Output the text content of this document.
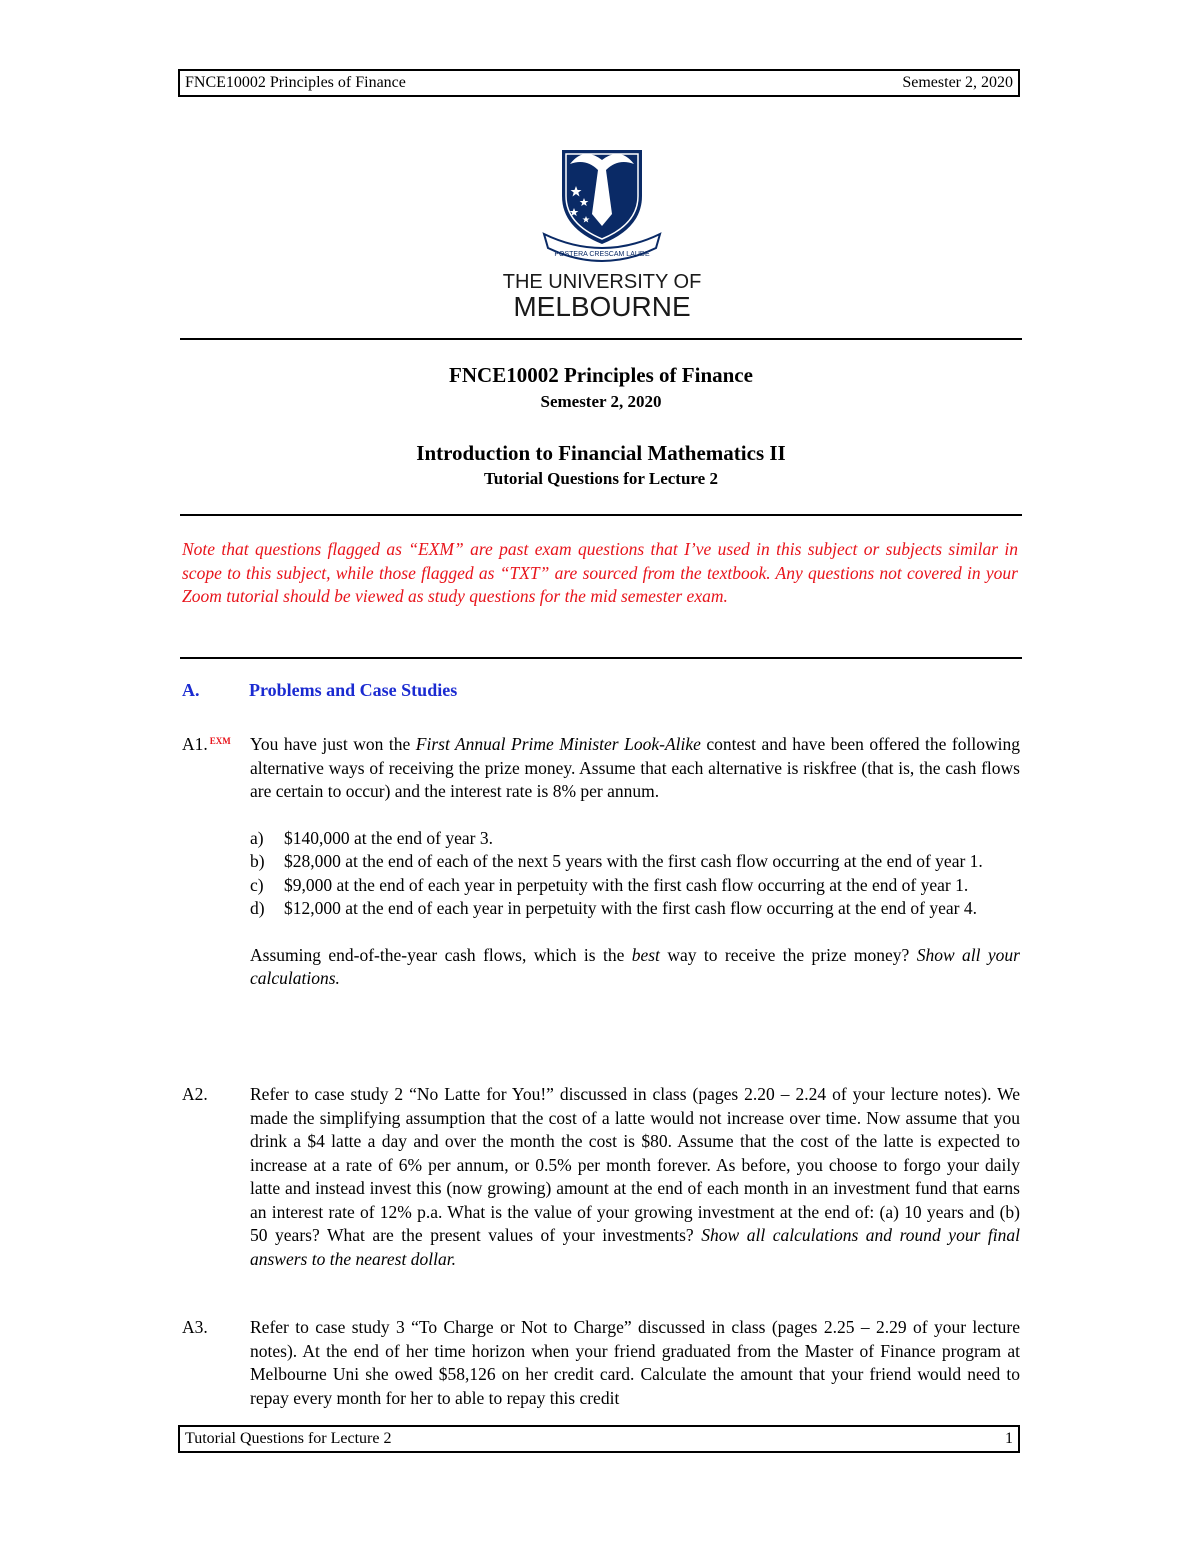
FNCE10002 Principles of Finance	Semester 2, 2020
POSTERA CRESCAM LAUDE
THE UNIVERSITY OF
MELBOURNE
FNCE10002 Principles of Finance
Semester 2, 2020
Introduction to Financial Mathematics II
Tutorial Questions for Lecture 2
Note that questions flagged as “EXM” are past exam questions that I’ve used in this subject or subjects similar in scope to this subject, while those flagged as “TXT” are sourced from the textbook. Any questions not covered in your Zoom tutorial should be viewed as study questions for the mid semester exam.
A.	Problems and Case Studies
A1. $^{EXM}$ You have just won the First Annual Prime Minister Look-Alike contest and have been offered the following alternative ways of receiving the prize money. Assume that each alternative is riskfree (that is, the cash flows are certain to occur) and the interest rate is 8% per annum.

a) $140,000 at the end of year 3.
b) $28,000 at the end of each of the next 5 years with the first cash flow occurring at the end of year 1.
c) $9,000 at the end of each year in perpetuity with the first cash flow occurring at the end of year 1.
d) $12,000 at the end of each year in perpetuity with the first cash flow occurring at the end of year 4.

Assuming end-of-the-year cash flows, which is the best way to receive the prize money? Show all your calculations.

A2. Refer to case study 2 “No Latte for You!” discussed in class (pages 2.20 – 2.24 of your lecture notes). We made the simplifying assumption that the cost of a latte would not increase over time. Now assume that you drink a $4 latte a day and over the month the cost is $80. Assume that the cost of the latte is expected to increase at a rate of 6% per annum, or 0.5% per month forever. As before, you choose to forgo your daily latte and instead invest this (now growing) amount at the end of each month in an investment fund that earns an interest rate of 12% p.a. What is the value of your growing investment at the end of: (a) 10 years and (b) 50 years? What are the present values of your investments? Show all calculations and round your final answers to the nearest dollar.

A3. Refer to case study 3 “To Charge or Not to Charge” discussed in class (pages 2.25 – 2.29 of your lecture notes). At the end of her time horizon when your friend graduated from the Master of Finance program at Melbourne Uni she owed $58,126 on her credit card. Calculate the amount that your friend would need to repay every month for her to able to repay this credit

Tutorial Questions for Lecture 2	1
